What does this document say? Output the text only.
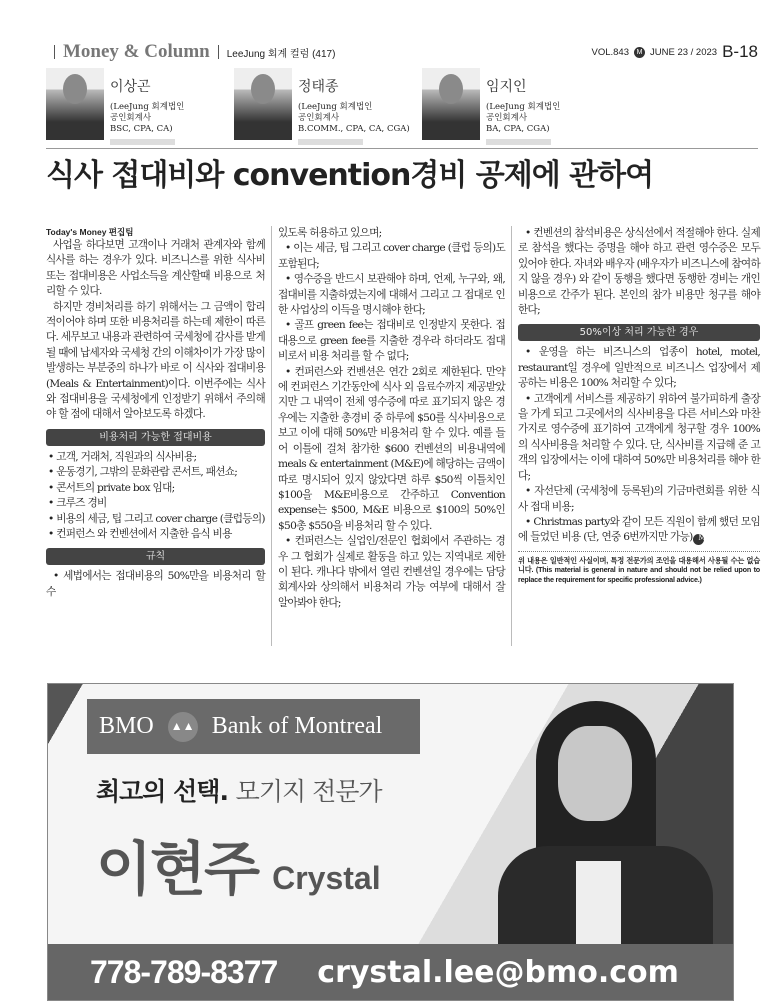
Money & Column LeeJung 회계 컬럼 (417)	VOL.843	M JUNE 23 / 2023 B-18
이상곤
(LeeJung 회계법인
공인회계사
BSC, CPA, CA)
정태종
(LeeJung 회계법인
공인회계사
B.COMM., CPA, CA, CGA)
임지인
(LeeJung 회계법인
공인회계사
BA, CPA, CGA)
식사 접대비와 convention경비 공제에 관하여
Today's Money 편집팀

사업을 하다보면 고객이나 거래처 관계자와 함께 식사를 하는 경우가 있다. 비즈니스를 위한 식사비 또는 접대비용은 사업소득을 계산할때 비용으로 처리할 수 있다.

하지만 경비처리를 하기 위해서는 그 금액이 합리적이어야 하며 또한 비용처리를 하는데 제한이 따른다. 세무보고 내용과 관련하여 국세청에 감사를 받게 될 때에 납세자와 국세청 간의 이해차이가 가장 많이 발생하는 부분중의 하나가 바로 이 식사와 접대비용 (Meals & Entertainment)이다. 이번주에는 식사와 접대비용을 국세청에게 인정받기 위해서 주의해야 할 점에 대해서 알아보도록 하겠다.

비용처리 가능한 접대비용
• 고객, 거래처, 직원과의 식사비용;
• 운동경기, 그밖의 문화관람 콘서트, 패션쇼;
• 콘서트의 private box 임대;
• 크루즈 경비
• 비용의 세금, 팁 그리고 cover charge (클럽등의)
• 컨퍼런스 와 컨벤션에서 지출한 음식 비용
규칙

• 세법에서는 접대비용의 50%만을 비용처리 할 수

있도록 허용하고 있으며;

• 이는 세금, 팁 그리고 cover charge (클럽 등의)도 포함된다;

• 영수증을 반드시 보관해야 하며, 언제, 누구와, 왜, 접대비를 지출하였는지에 대해서 그리고 그 접대로 인한 사업상의 이득을 명시해야 한다;

• 골프 green fee는 접대비로 인정받지 못한다. 접대용으로 green fee를 지출한 경우라 하더라도 접대비로서 비용 처리를 할 수 없다;

• 컨퍼런스와 컨벤션은 연간 2회로 제한된다. 만약에 컨퍼런스 기간동안에 식사 외 음료수까지 제공받았지만 그 내역이 전체 영수증에 따로 표기되지 않은 경우에는 지출한 총경비 중 하루에 $50를 식사비용으로 보고 이에 대해 50%만 비용처리 할 수 있다. 예를 들어 이틀에 걸쳐 참가한 $600 컨벤션의 비용내역에 meals & entertainment (M&E)에 해당하는 금액이 따로 명시되어 있지 않았다면 하루 $50씩 이틀치인 $100을 M&E비용으로 간주하고 Convention expense는 $500, M&E 비용으로 $100의 50%인 $50총 $550을 비용처리 할 수 있다.

• 컨퍼런스는 실업인/전문인 협회에서 주관하는 경우 그 협회가 실제로 활동을 하고 있는 지역내로 제한이 된다. 캐나다 밖에서 열린 컨벤션일 경우에는 담당 회계사와 상의해서 비용처리 가능 여부에 대해서 잘 알아봐야 한다;

• 컨벤션의 참석비용은 상식선에서 적절해야 한다. 실제로 참석을 했다는 증명을 해야 하고 관련 영수증은 모두 있어야 한다. 자녀와 배우자 (배우자가 비즈니스에 참여하지 않을 경우) 와 같이 동행을 했다면 동행한 경비는 개인비용으로 간주가 된다. 본인의 참가 비용만 청구를 해야 한다;

50%이상 처리 가능한 경우

• 운영을 하는 비즈니스의 업종이 hotel, motel, restaurant일 경우에 일반적으로 비즈니스 업장에서 제공하는 비용은 100% 처리할 수 있다;

• 고객에게 서비스를 제공하기 위하여 불가피하게 출장을 가게 되고 그곳에서의 식사비용을 다른 서비스와 마찬가지로 영수증에 표기하여 고객에게 청구할 경우 100%의 식사비용을 처리할 수 있다. 단, 식사비를 지급해 준 고객의 입장에서는 이에 대하여 50%만 비용처리를 해야 한다;

• 자선단체 (국세청에 등록된)의 기금마련회를 위한 식사 접대 비용;

• Christmas party와 같이 모든 직원이 함께 했던 모임에 들었던 비용 (단, 연중 6번까지만 가능) M

위 내용은 일반적인 사실이며, 특정 전문가의 조언을 대용해서 사용될 수는 없습니다. (This material is general in nature and should not be relied upon to replace the requirement for specific professional advice.)
BMO ▲▲ Bank of Montreal
최고의 선택. 모기지 전문가
이현주 Crystal
778-789-8377 crystal.lee@bmo.com
